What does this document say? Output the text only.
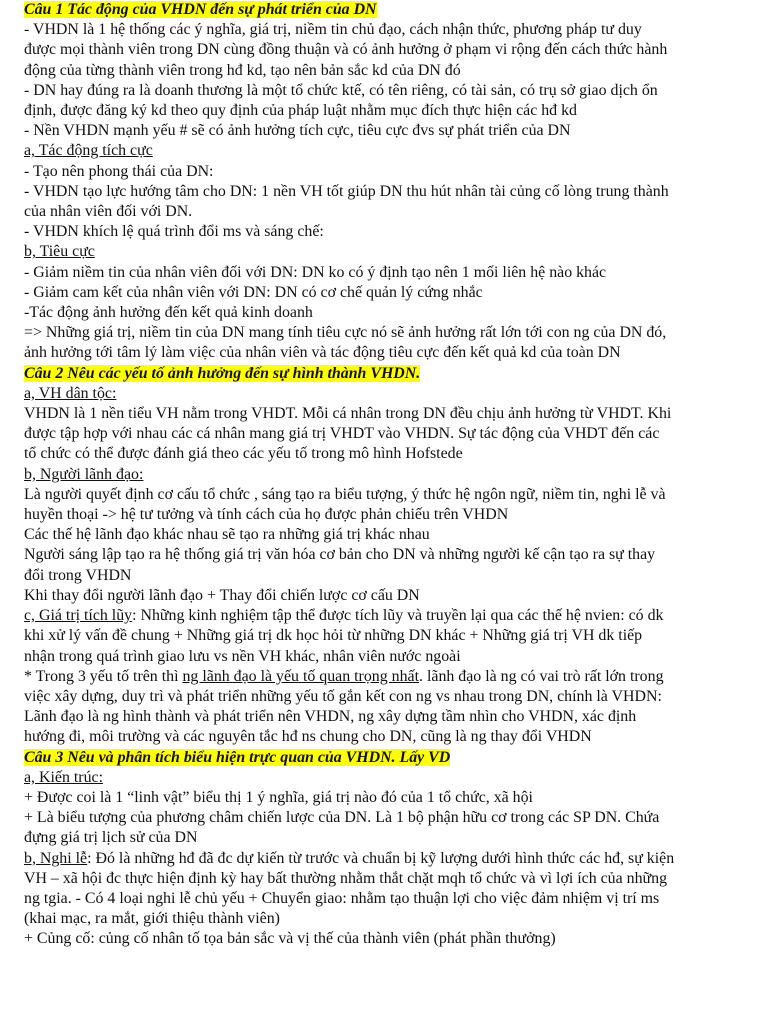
Câu 1 Tác động của VHDN đến sự phát triển của DN
- VHDN là 1 hệ thống các ý nghĩa, giá trị, niềm tin chủ đạo, cách nhận thức, phương pháp tư duy
được mọi thành viên trong DN cùng đồng thuận và có ảnh hưởng ở phạm vi rộng đến cách thức hành
động của từng thành viên trong hđ kd, tạo nên bản sắc kd của DN đó
- DN hay đúng ra là doanh thương là một tổ chức ktế, có tên riêng, có tài sản, có trụ sở giao dịch ổn
định, được đăng ký kd theo quy định của pháp luật nhằm mục đích thực hiện các hđ kd
- Nền VHDN mạnh yếu # sẽ có ảnh hưởng tích cực, tiêu cực đvs sự phát triển của DN
a, Tác động tích cực
- Tạo nên phong thái của DN:
- VHDN tạo lực hướng tâm cho DN: 1 nền VH tốt giúp DN thu hút nhân tài củng cố lòng trung thành
của nhân viên đối với DN.
- VHDN khích lệ quá trình đổi ms và sáng chế:
b, Tiêu cực
- Giảm niềm tin của nhân viên đối với DN: DN ko có ý định tạo nên 1 mối liên hệ nào khác
- Giảm cam kết của nhân viên với DN: DN có cơ chế quản lý cứng nhắc
-Tác động ảnh hưởng đến kết quả kinh doanh
=> Những giá trị, niềm tin của DN mang tính tiêu cực nó sẽ ảnh hưởng rất lớn tới con ng của DN đó,
ảnh hưởng tới tâm lý làm việc của nhân viên và tác động tiêu cực đến kết quả kd của toàn DN
Câu 2 Nêu các yếu tố ảnh hưởng đến sự hình thành VHDN.
a, VH dân tộc:
VHDN là 1 nền tiểu VH nằm trong VHDT. Mỗi cá nhân trong DN đều chịu ảnh hưởng từ VHDT. Khi
được tập hợp với nhau các cá nhân mang giá trị VHDT vào VHDN. Sự tác động của VHDT đến các
tổ chức có thể được đánh giá theo các yếu tố trong mô hình Hofstede
b, Người lãnh đạo:
Là người quyết định cơ cấu tổ chức , sáng tạo ra biểu tượng, ý thức hệ ngôn ngữ, niềm tin, nghi lễ và
huyền thoại -> hệ tư tưởng và tính cách của họ được phản chiếu trên VHDN
Các thế hệ lãnh đạo khác nhau sẽ tạo ra những giá trị khác nhau
Người sáng lập tạo ra hệ thống giá trị văn hóa cơ bản cho DN và những người kế cận tạo ra sự thay
đổi trong VHDN
Khi thay đổi người lãnh đạo + Thay đổi chiến lược cơ cấu DN
c, Giá trị tích lũy: Những kinh nghiệm tập thể được tích lũy và truyền lại qua các thế hệ nvien: có dk
khi xử lý vấn đề chung + Những giá trị dk học hỏi từ những DN khác + Những giá trị VH dk tiếp
nhận trong quá trình giao lưu vs nền VH khác, nhân viên nước ngoài
* Trong 3 yếu tố trên thì ng lãnh đạo là yếu tố quan trọng nhất. lãnh đạo là ng có vai trò rất lớn trong
việc xây dựng, duy trì và phát triển những yếu tố gắn kết con ng vs nhau trong DN, chính là VHDN:
Lãnh đạo là ng hình thành và phát triển nên VHDN, ng xây dựng tầm nhìn cho VHDN, xác định
hướng đi, môi trường và các nguyên tắc hđ ns chung cho DN, cũng là ng thay đổi VHDN
Câu 3 Nêu và phân tích biểu hiện trực quan của VHDN. Lấy VD
a, Kiến trúc:
+ Được coi là 1 “linh vật” biểu thị 1 ý nghĩa, giá trị nào đó của 1 tổ chức, xã hội
+ Là biểu tượng của phương châm chiến lược của DN. Là 1 bộ phận hữu cơ trong các SP DN. Chứa
đựng giá trị lịch sử của DN
b, Nghi lễ: Đó là những hđ đã đc dự kiến từ trước và chuẩn bị kỹ lượng dưới hình thức các hđ, sự kiện
VH – xã hội đc thực hiện định kỳ hay bất thường nhằm thắt chặt mqh tổ chức và vì lợi ích của những
ng tgia. - Có 4 loại nghi lễ chủ yếu + Chuyển giao: nhằm tạo thuận lợi cho việc đảm nhiệm vị trí ms
(khai mạc, ra mắt, giới thiệu thành viên)
+ Củng cố: củng cố nhân tố tọa bản sắc và vị thế của thành viên (phát phần thưởng)
